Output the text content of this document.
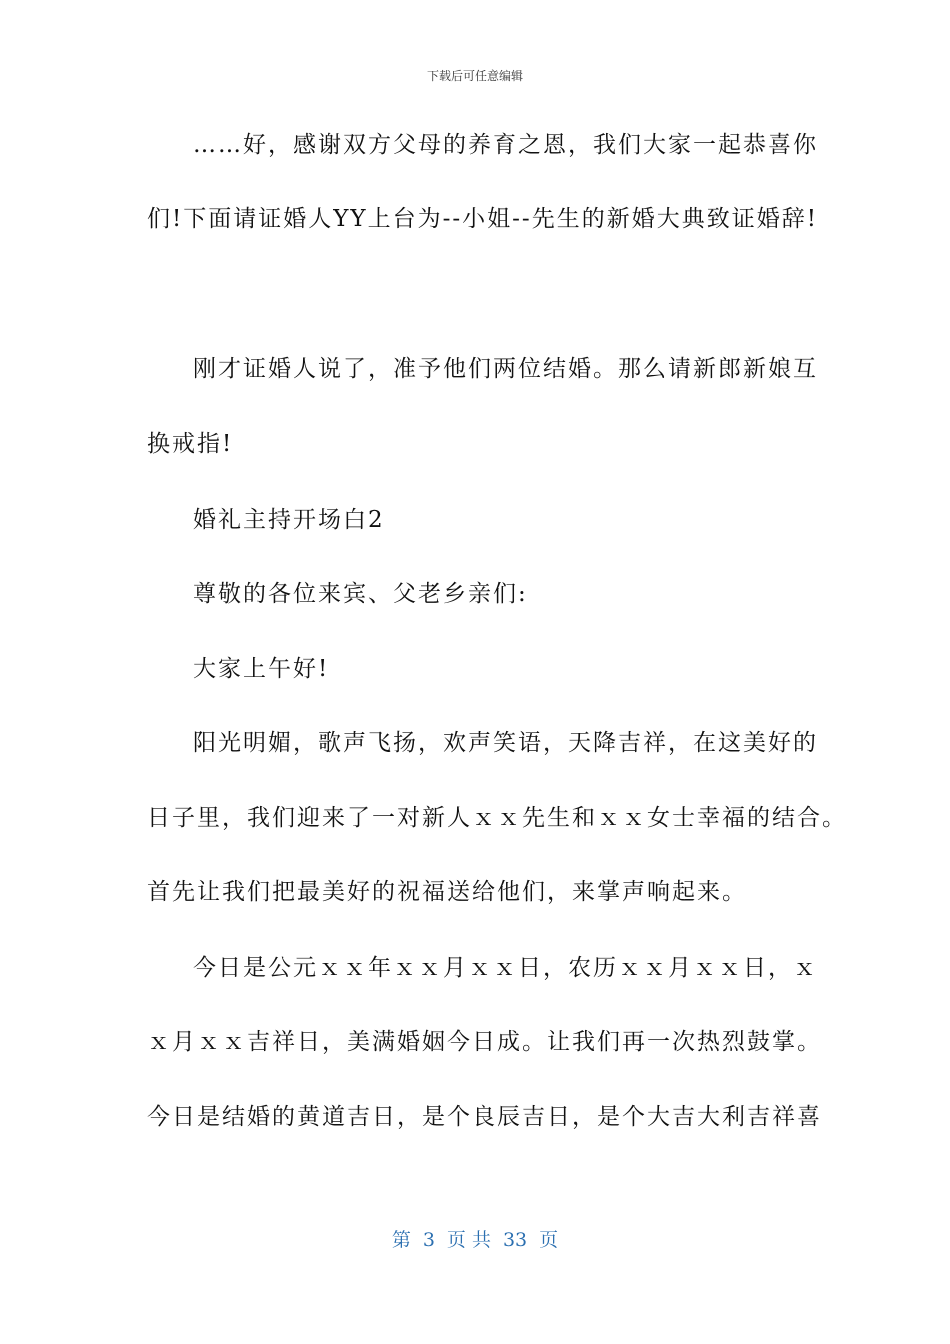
下载后可任意编辑
……好，感谢双方父母的养育之恩，我们大家一起恭喜你
们!下面请证婚人YY上台为--小姐--先生的新婚大典致证婚辞!
刚才证婚人说了，准予他们两位结婚。那么请新郎新娘互
换戒指!
婚礼主持开场白2
尊敬的各位来宾、父老乡亲们:
大家上午好!
阳光明媚，歌声飞扬，欢声笑语，天降吉祥，在这美好的
日子里，我们迎来了一对新人ｘｘ先生和ｘｘ女士幸福的结合。
首先让我们把最美好的祝福送给他们，来掌声响起来。
今日是公元ｘｘ年ｘｘ月ｘｘ日，农历ｘｘ月ｘｘ日，ｘ
ｘ月ｘｘ吉祥日，美满婚姻今日成。让我们再一次热烈鼓掌。
今日是结婚的黄道吉日，是个良辰吉日，是个大吉大利吉祥喜
第 3 页 共 33 页
